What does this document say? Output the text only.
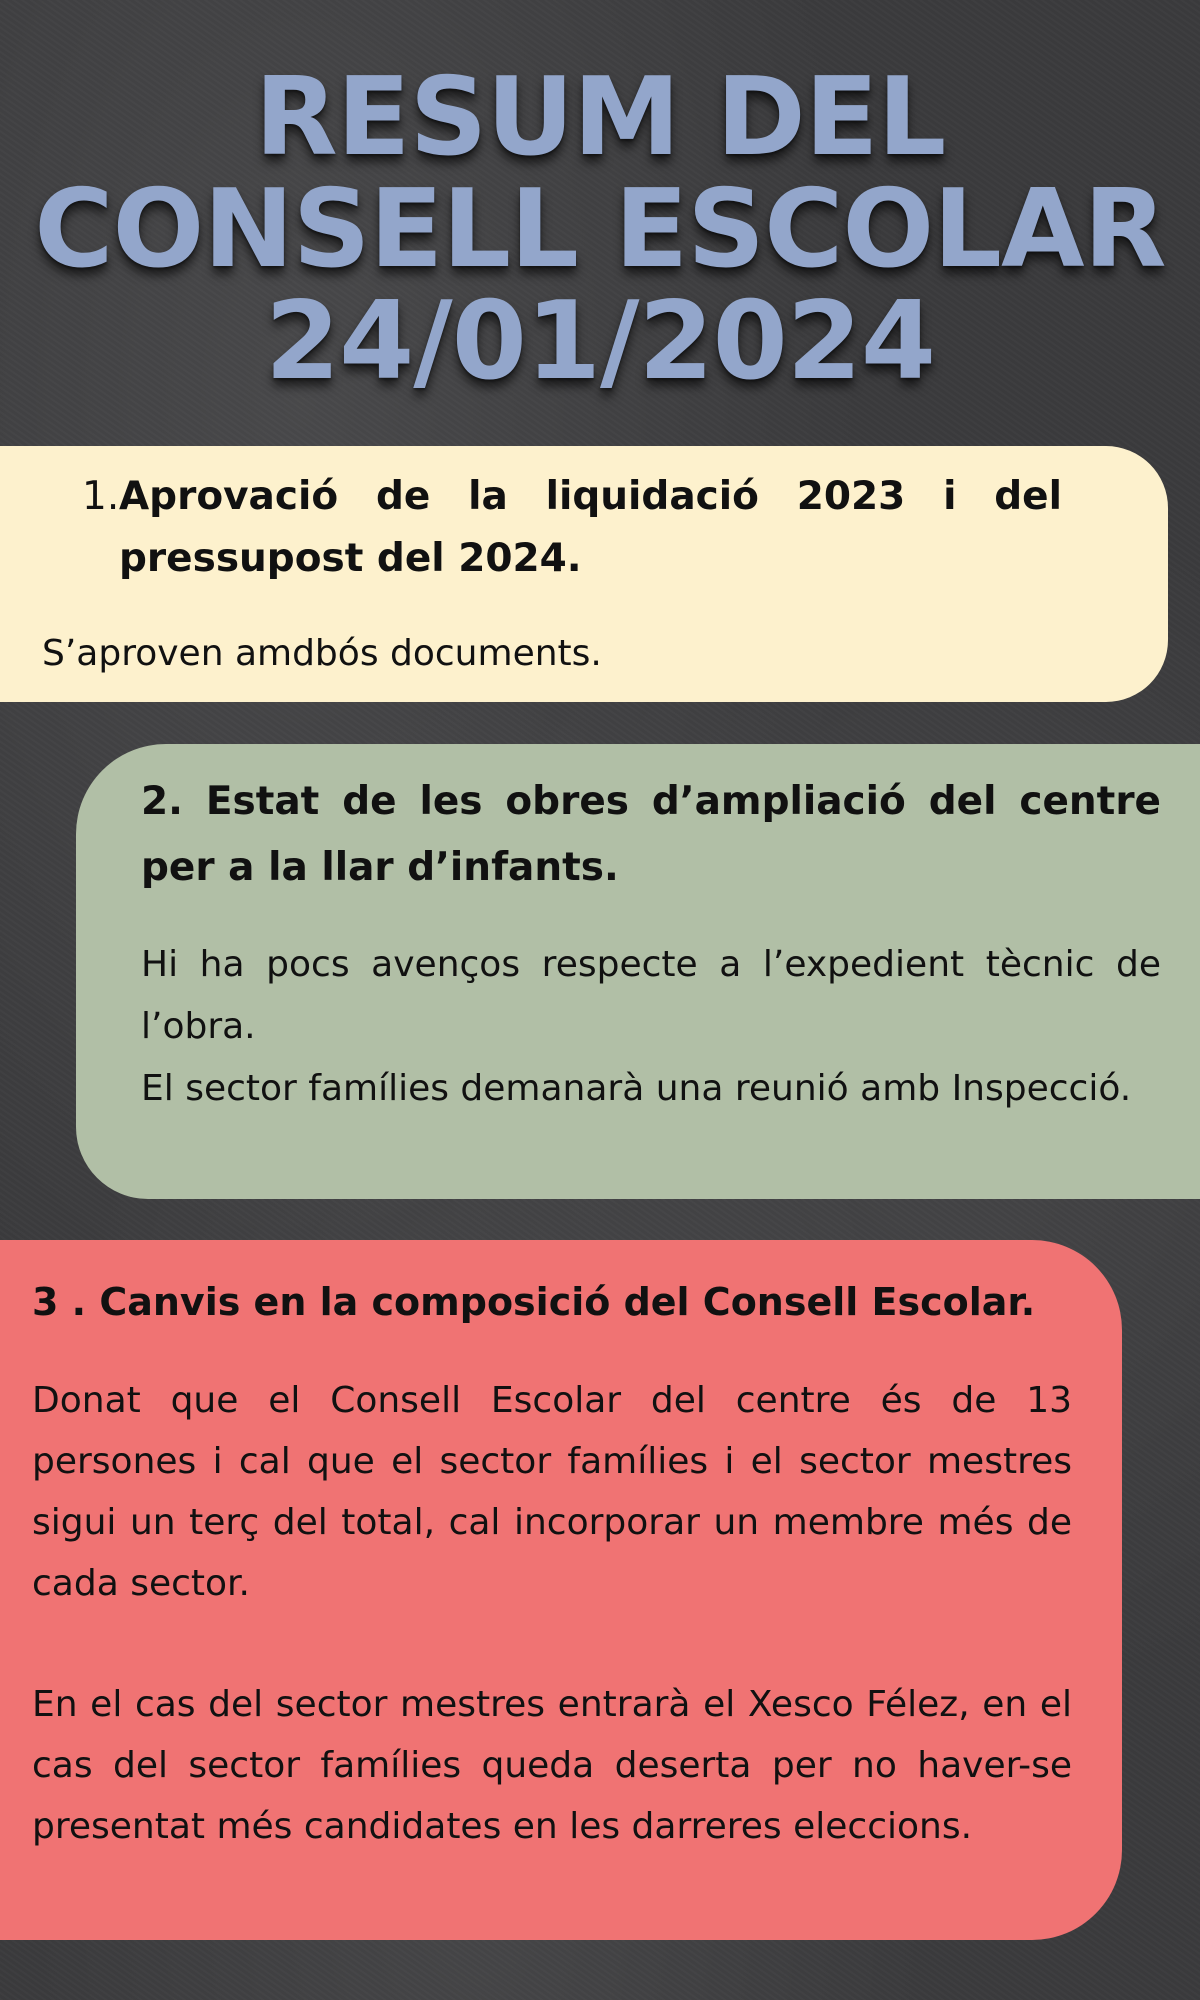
RESUM DEL
CONSELL ESCOLAR
24/01/2024
1. Aprovació de la liquidació 2023 i del pressupost del 2024.

S’aproven amdbós documents.

2. Estat de les obres d’ampliació del centre per a la llar d’infants.
Hi ha pocs avenços respecte a l’expedient tècnic de l’obra.
El sector famílies demanarà una reunió amb Inspecció.
3 . Canvis en la composició del Consell Escolar.

Donat que el Consell Escolar del centre és de 13 persones i cal que el sector famílies i el sector mestres sigui un terç del total, cal incorporar un membre més de cada sector.

En el cas del sector mestres entrarà el Xesco Félez, en el cas del sector famílies queda deserta per no haver-se presentat més candidates en les darreres eleccions.
